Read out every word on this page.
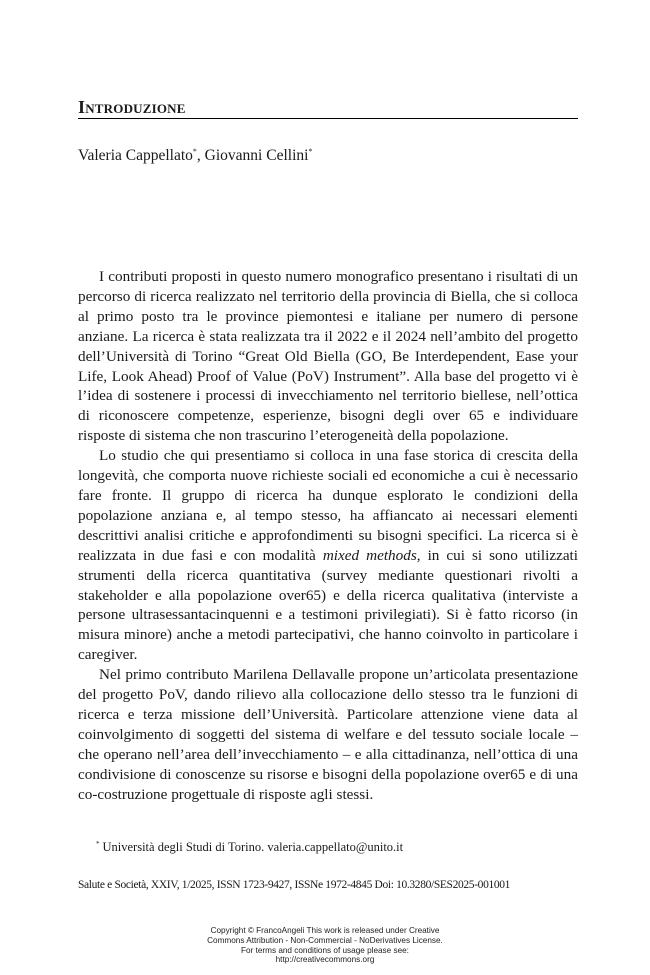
Introduzione

Valeria Cappellato*, Giovanni Cellini*

I contributi proposti in questo numero monografico presentano i risultati di un percorso di ricerca realizzato nel territorio della provincia di Biella, che si colloca al primo posto tra le province piemontesi e italiane per numero di persone anziane. La ricerca è stata realizzata tra il 2022 e il 2024 nell’ambito del progetto dell’Università di Torino “Great Old Biella (GO, Be Interdependent, Ease your Life, Look Ahead) Proof of Value (PoV) Instrument”. Alla base del progetto vi è l’idea di sostenere i processi di invecchiamento nel territorio biellese, nell’ottica di riconoscere competenze, esperienze, bisogni degli over 65 e individuare risposte di sistema che non trascurino l’eterogeneità della popolazione.

Lo studio che qui presentiamo si colloca in una fase storica di crescita della longevità, che comporta nuove richieste sociali ed economiche a cui è necessario fare fronte. Il gruppo di ricerca ha dunque esplorato le condizioni della popolazione anziana e, al tempo stesso, ha affiancato ai necessari elementi descrittivi analisi critiche e approfondimenti su bisogni specifici. La ricerca si è realizzata in due fasi e con modalità mixed methods, in cui si sono utilizzati strumenti della ricerca quantitativa (survey mediante questionari rivolti a stakeholder e alla popolazione over65) e della ricerca qualitativa (interviste a persone ultrasessantacinquenni e a testimoni privilegiati). Si è fatto ricorso (in misura minore) anche a metodi partecipativi, che hanno coinvolto in particolare i caregiver.

Nel primo contributo Marilena Dellavalle propone un’articolata presentazione del progetto PoV, dando rilievo alla collocazione dello stesso tra le funzioni di ricerca e terza missione dell’Università. Particolare attenzione viene data al coinvolgimento di soggetti del sistema di welfare e del tessuto sociale locale – che operano nell’area dell’invecchiamento – e alla cittadinanza, nell’ottica di una condivisione di conoscenze su risorse e bisogni della popolazione over65 e di una co-costruzione progettuale di risposte agli stessi.

* Università degli Studi di Torino. valeria.cappellato@unito.it

Salute e Società, XXIV, 1/2025, ISSN 1723-9427, ISSNe 1972-4845 Doi: 10.3280/SES2025-001001

Copyright © FrancoAngeli This work is released under Creative
Commons Attribution - Non-Commercial - NoDerivatives License.
For terms and conditions of usage please see:
http://creativecommons.org
